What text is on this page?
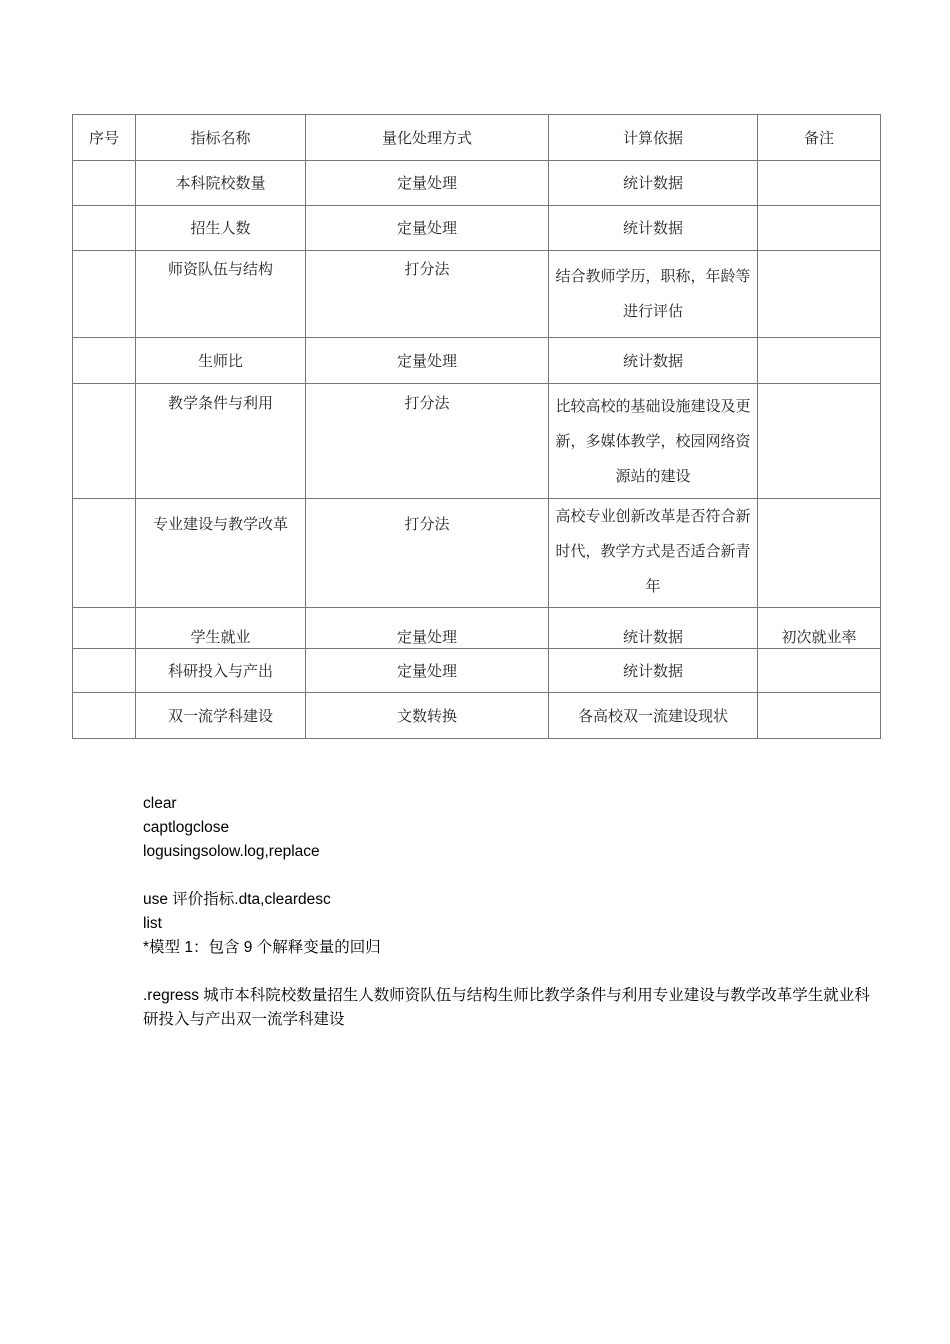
序号	指标名称	量化处理方式	计算依据	备注
	本科院校数量	定量处理	统计数据	
	招生人数	定量处理	统计数据	
	师资队伍与结构	打分法	结合教师学历，职称，年龄等进行评估	
	生师比	定量处理	统计数据	
	教学条件与利用	打分法	比较高校的基础设施建设及更新，多媒体教学，校园网络资源站的建设	
	专业建设与教学改革	打分法	高校专业创新改革是否符合新时代，教学方式是否适合新青年	
	学生就业	定量处理	统计数据	初次就业率
	科研投入与产出	定量处理	统计数据	
	双一流学科建设	文数转换	各高校双一流建设现状	
clear
captlogclose
logusingsolow.log,replace
use 评价指标.dta,cleardesc
list
*模型 1：包含 9 个解释变量的回归
.regress 城市本科院校数量招生人数师资队伍与结构生师比教学条件与利用专业建设与教学改革学生就业科研投入与产出双一流学科建设
